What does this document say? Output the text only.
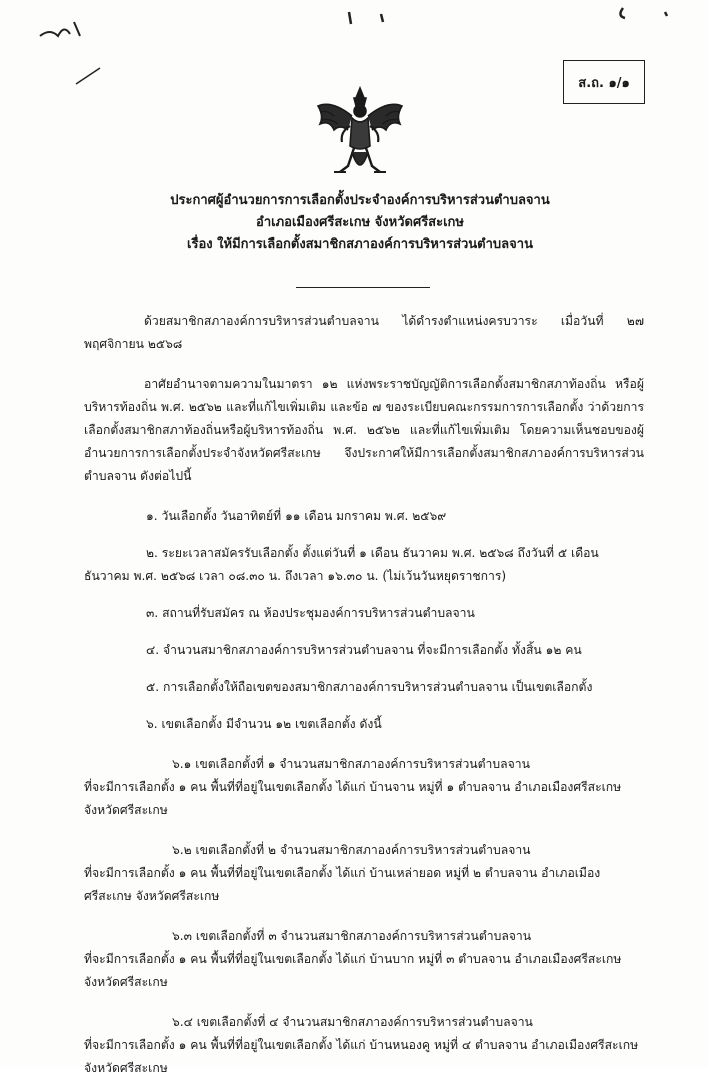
ส.ถ. ๑/๑
ประกาศผู้อำนวยการการเลือกตั้งประจำองค์การบริหารส่วนตำบลจาน
อำเภอเมืองศรีสะเกษ จังหวัดศรีสะเกษ
เรื่อง ให้มีการเลือกตั้งสมาชิกสภาองค์การบริหารส่วนตำบลจาน

ด้วยสมาชิกสภาองค์การบริหารส่วนตำบลจาน ได้ดำรงตำแหน่งครบวาระ เมื่อวันที่ ๒๗ พฤศจิกายน ๒๕๖๘

อาศัยอำนาจตามความในมาตรา ๑๒ แห่งพระราชบัญญัติการเลือกตั้งสมาชิกสภาท้องถิ่น หรือผู้บริหารท้องถิ่น พ.ศ. ๒๕๖๒ และที่แก้ไขเพิ่มเติม และข้อ ๗ ของระเบียบคณะกรรมการการเลือกตั้ง ว่าด้วยการเลือกตั้งสมาชิกสภาท้องถิ่นหรือผู้บริหารท้องถิ่น พ.ศ. ๒๕๖๒ และที่แก้ไขเพิ่มเติม โดยความเห็นชอบของผู้อำนวยการการเลือกตั้งประจำจังหวัดศรีสะเกษ จึงประกาศให้มีการเลือกตั้งสมาชิกสภาองค์การบริหารส่วนตำบลจาน ดังต่อไปนี้

๑. วันเลือกตั้ง วันอาทิตย์ที่ ๑๑ เดือน มกราคม พ.ศ. ๒๕๖๙

๒. ระยะเวลาสมัครรับเลือกตั้ง ตั้งแต่วันที่ ๑ เดือน ธันวาคม พ.ศ. ๒๕๖๘ ถึงวันที่ ๕ เดือน ธันวาคม พ.ศ. ๒๕๖๘ เวลา ๐๘.๓๐ น. ถึงเวลา ๑๖.๓๐ น. (ไม่เว้นวันหยุดราชการ)

๓. สถานที่รับสมัคร ณ ห้องประชุมองค์การบริหารส่วนตำบลจาน

๔. จำนวนสมาชิกสภาองค์การบริหารส่วนตำบลจาน ที่จะมีการเลือกตั้ง ทั้งสิ้น ๑๒ คน

๕. การเลือกตั้งให้ถือเขตของสมาชิกสภาองค์การบริหารส่วนตำบลจาน เป็นเขตเลือกตั้ง

๖. เขตเลือกตั้ง มีจำนวน ๑๒ เขตเลือกตั้ง ดังนี้

๖.๑ เขตเลือกตั้งที่ ๑ จำนวนสมาชิกสภาองค์การบริหารส่วนตำบลจาน

ที่จะมีการเลือกตั้ง ๑ คน พื้นที่ที่อยู่ในเขตเลือกตั้ง ได้แก่ บ้านจาน หมู่ที่ ๑ ตำบลจาน อำเภอเมืองศรีสะเกษ จังหวัดศรีสะเกษ

๖.๒ เขตเลือกตั้งที่ ๒ จำนวนสมาชิกสภาองค์การบริหารส่วนตำบลจาน

ที่จะมีการเลือกตั้ง ๑ คน พื้นที่ที่อยู่ในเขตเลือกตั้ง ได้แก่ บ้านเหล่ายอด หมู่ที่ ๒ ตำบลจาน อำเภอเมืองศรีสะเกษ จังหวัดศรีสะเกษ

๖.๓ เขตเลือกตั้งที่ ๓ จำนวนสมาชิกสภาองค์การบริหารส่วนตำบลจาน

ที่จะมีการเลือกตั้ง ๑ คน พื้นที่ที่อยู่ในเขตเลือกตั้ง ได้แก่ บ้านบาก หมู่ที่ ๓ ตำบลจาน อำเภอเมืองศรีสะเกษ จังหวัดศรีสะเกษ

๖.๔ เขตเลือกตั้งที่ ๔ จำนวนสมาชิกสภาองค์การบริหารส่วนตำบลจาน

ที่จะมีการเลือกตั้ง ๑ คน พื้นที่ที่อยู่ในเขตเลือกตั้ง ได้แก่ บ้านหนองคู หมู่ที่ ๔ ตำบลจาน อำเภอเมืองศรีสะเกษ จังหวัดศรีสะเกษ
